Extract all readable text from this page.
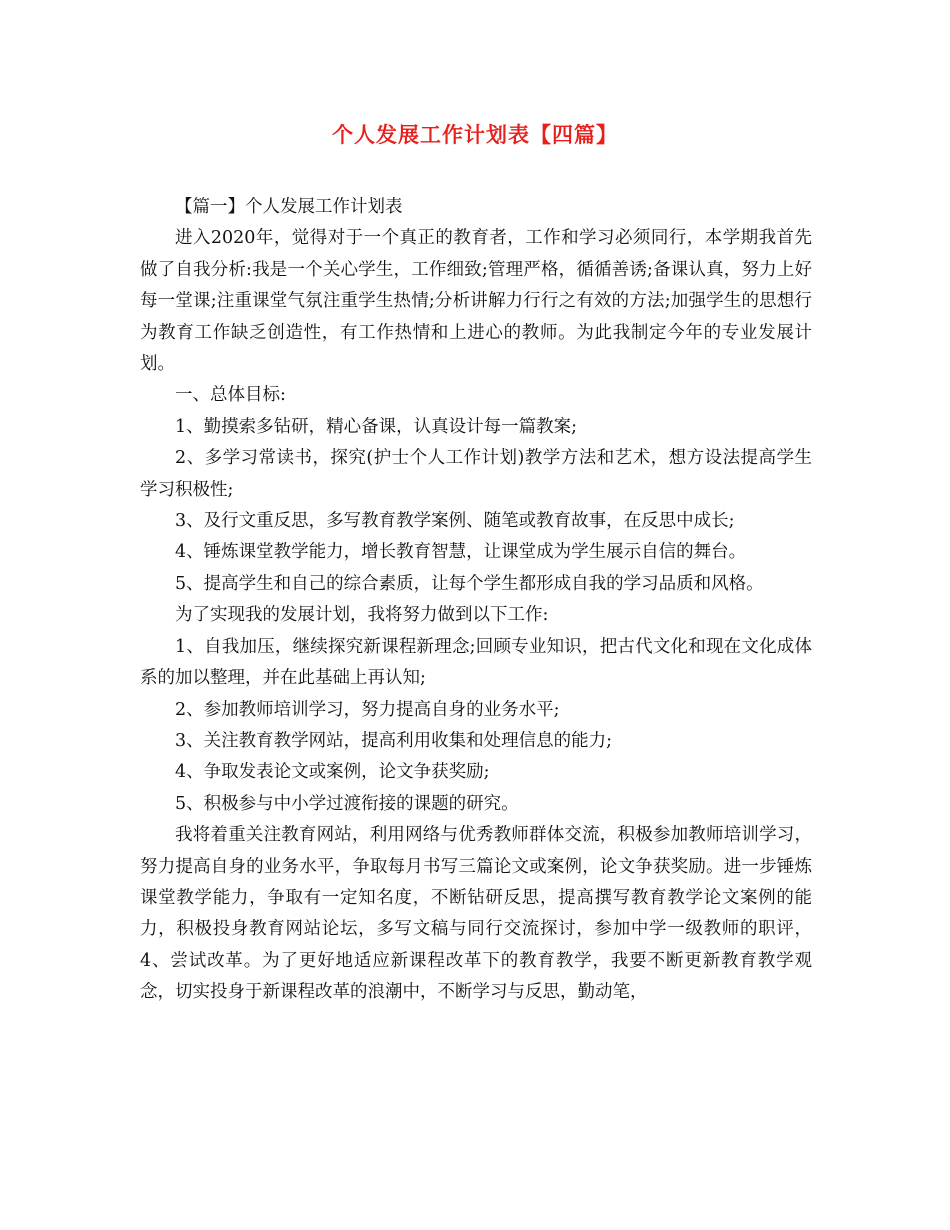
个人发展工作计划表【四篇】

【篇一】个人发展工作计划表

进入2020年，觉得对于一个真正的教育者，工作和学习必须同行，本学期我首先做了自我分析:我是一个关心学生，工作细致;管理严格，循循善诱;备课认真，努力上好每一堂课;注重课堂气氛注重学生热情;分析讲解力行行之有效的方法;加强学生的思想行为教育工作缺乏创造性，有工作热情和上进心的教师。为此我制定今年的专业发展计划。

一、总体目标:

1、勤摸索多钻研，精心备课，认真设计每一篇教案;

2、多学习常读书，探究(护士个人工作计划)教学方法和艺术，想方设法提高学生学习积极性;

3、及行文重反思，多写教育教学案例、随笔或教育故事，在反思中成长;

4、锤炼课堂教学能力，增长教育智慧，让课堂成为学生展示自信的舞台。

5、提高学生和自己的综合素质，让每个学生都形成自我的学习品质和风格。

为了实现我的发展计划，我将努力做到以下工作:

1、自我加压，继续探究新课程新理念;回顾专业知识，把古代文化和现在文化成体系的加以整理，并在此基础上再认知;

2、参加教师培训学习，努力提高自身的业务水平;

3、关注教育教学网站，提高利用收集和处理信息的能力;

4、争取发表论文或案例，论文争获奖励;

5、积极参与中小学过渡衔接的课题的研究。

我将着重关注教育网站，利用网络与优秀教师群体交流，积极参加教师培训学习，努力提高自身的业务水平，争取每月书写三篇论文或案例，论文争获奖励。进一步锤炼课堂教学能力，争取有一定知名度，不断钻研反思，提高撰写教育教学论文案例的能力，积极投身教育网站论坛，多写文稿与同行交流探讨，参加中学一级教师的职评，4、尝试改革。为了更好地适应新课程改革下的教育教学，我要不断更新教育教学观念，切实投身于新课程改革的浪潮中，不断学习与反思，勤动笔，
